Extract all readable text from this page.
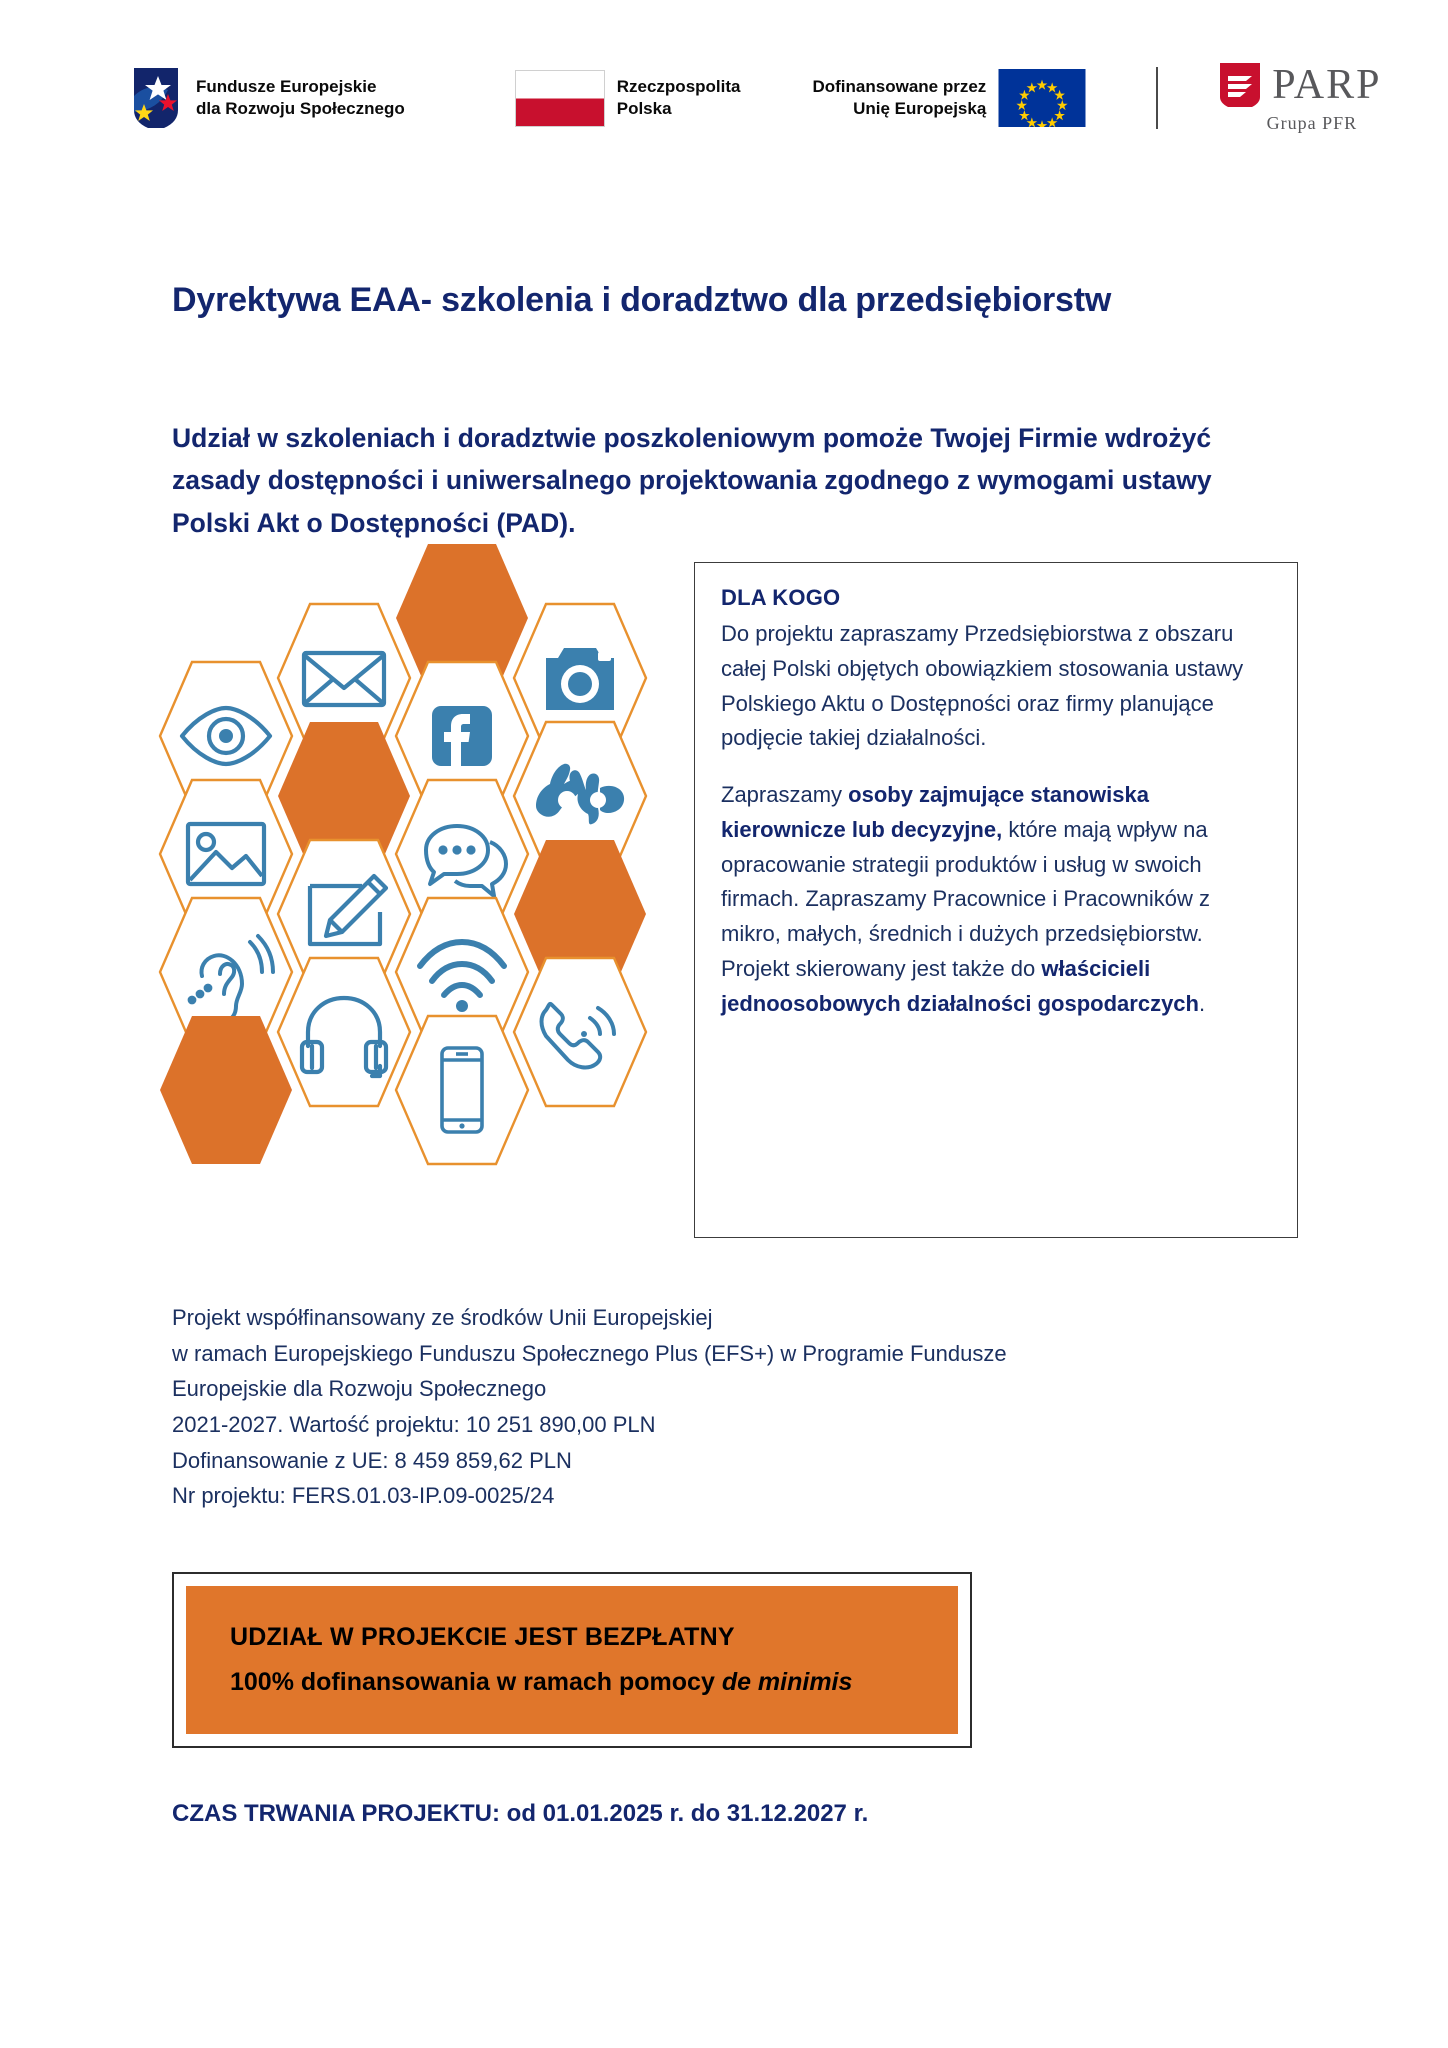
Fundusze Europejskie
dla Rozwoju Społecznego
Rzeczpospolita
Polska
Dofinansowane przez
Unię Europejską
PARP
Grupa PFR
Dyrektywa EAA- szkolenia i doradztwo dla przedsiębiorstw

Udział w szkoleniach i doradztwie poszkoleniowym pomoże Twojej Firmie wdrożyć zasady dostępności i uniwersalnego projektowania zgodnego z wymogami ustawy Polski Akt o Dostępności (PAD).

DLA KOGO

Do projektu zapraszamy Przedsiębiorstwa z obszaru całej Polski objętych obowiązkiem stosowania ustawy Polskiego Aktu o Dostępności oraz firmy planujące podjęcie takiej działalności.

Zapraszamy osoby zajmujące stanowiska kierownicze lub decyzyjne, które mają wpływ na opracowanie strategii produktów i usług w swoich firmach. Zapraszamy Pracownice i Pracowników z mikro, małych, średnich i dużych przedsiębiorstw. Projekt skierowany jest także do właścicieli jednoosobowych działalności gospodarczych.

Projekt współfinansowany ze środków Unii Europejskiej
w ramach Europejskiego Funduszu Społecznego Plus (EFS+) w Programie Fundusze
Europejskie dla Rozwoju Społecznego
2021-2027. Wartość projektu: 10 251 890,00 PLN
Dofinansowanie z UE: 8 459 859,62 PLN
Nr projektu: FERS.01.03-IP.09-0025/24
UDZIAŁ W PROJEKCIE JEST BEZPŁATNY
100% dofinansowania w ramach pomocy de minimis
CZAS TRWANIA PROJEKTU: od 01.01.2025 r. do 31.12.2027 r.
